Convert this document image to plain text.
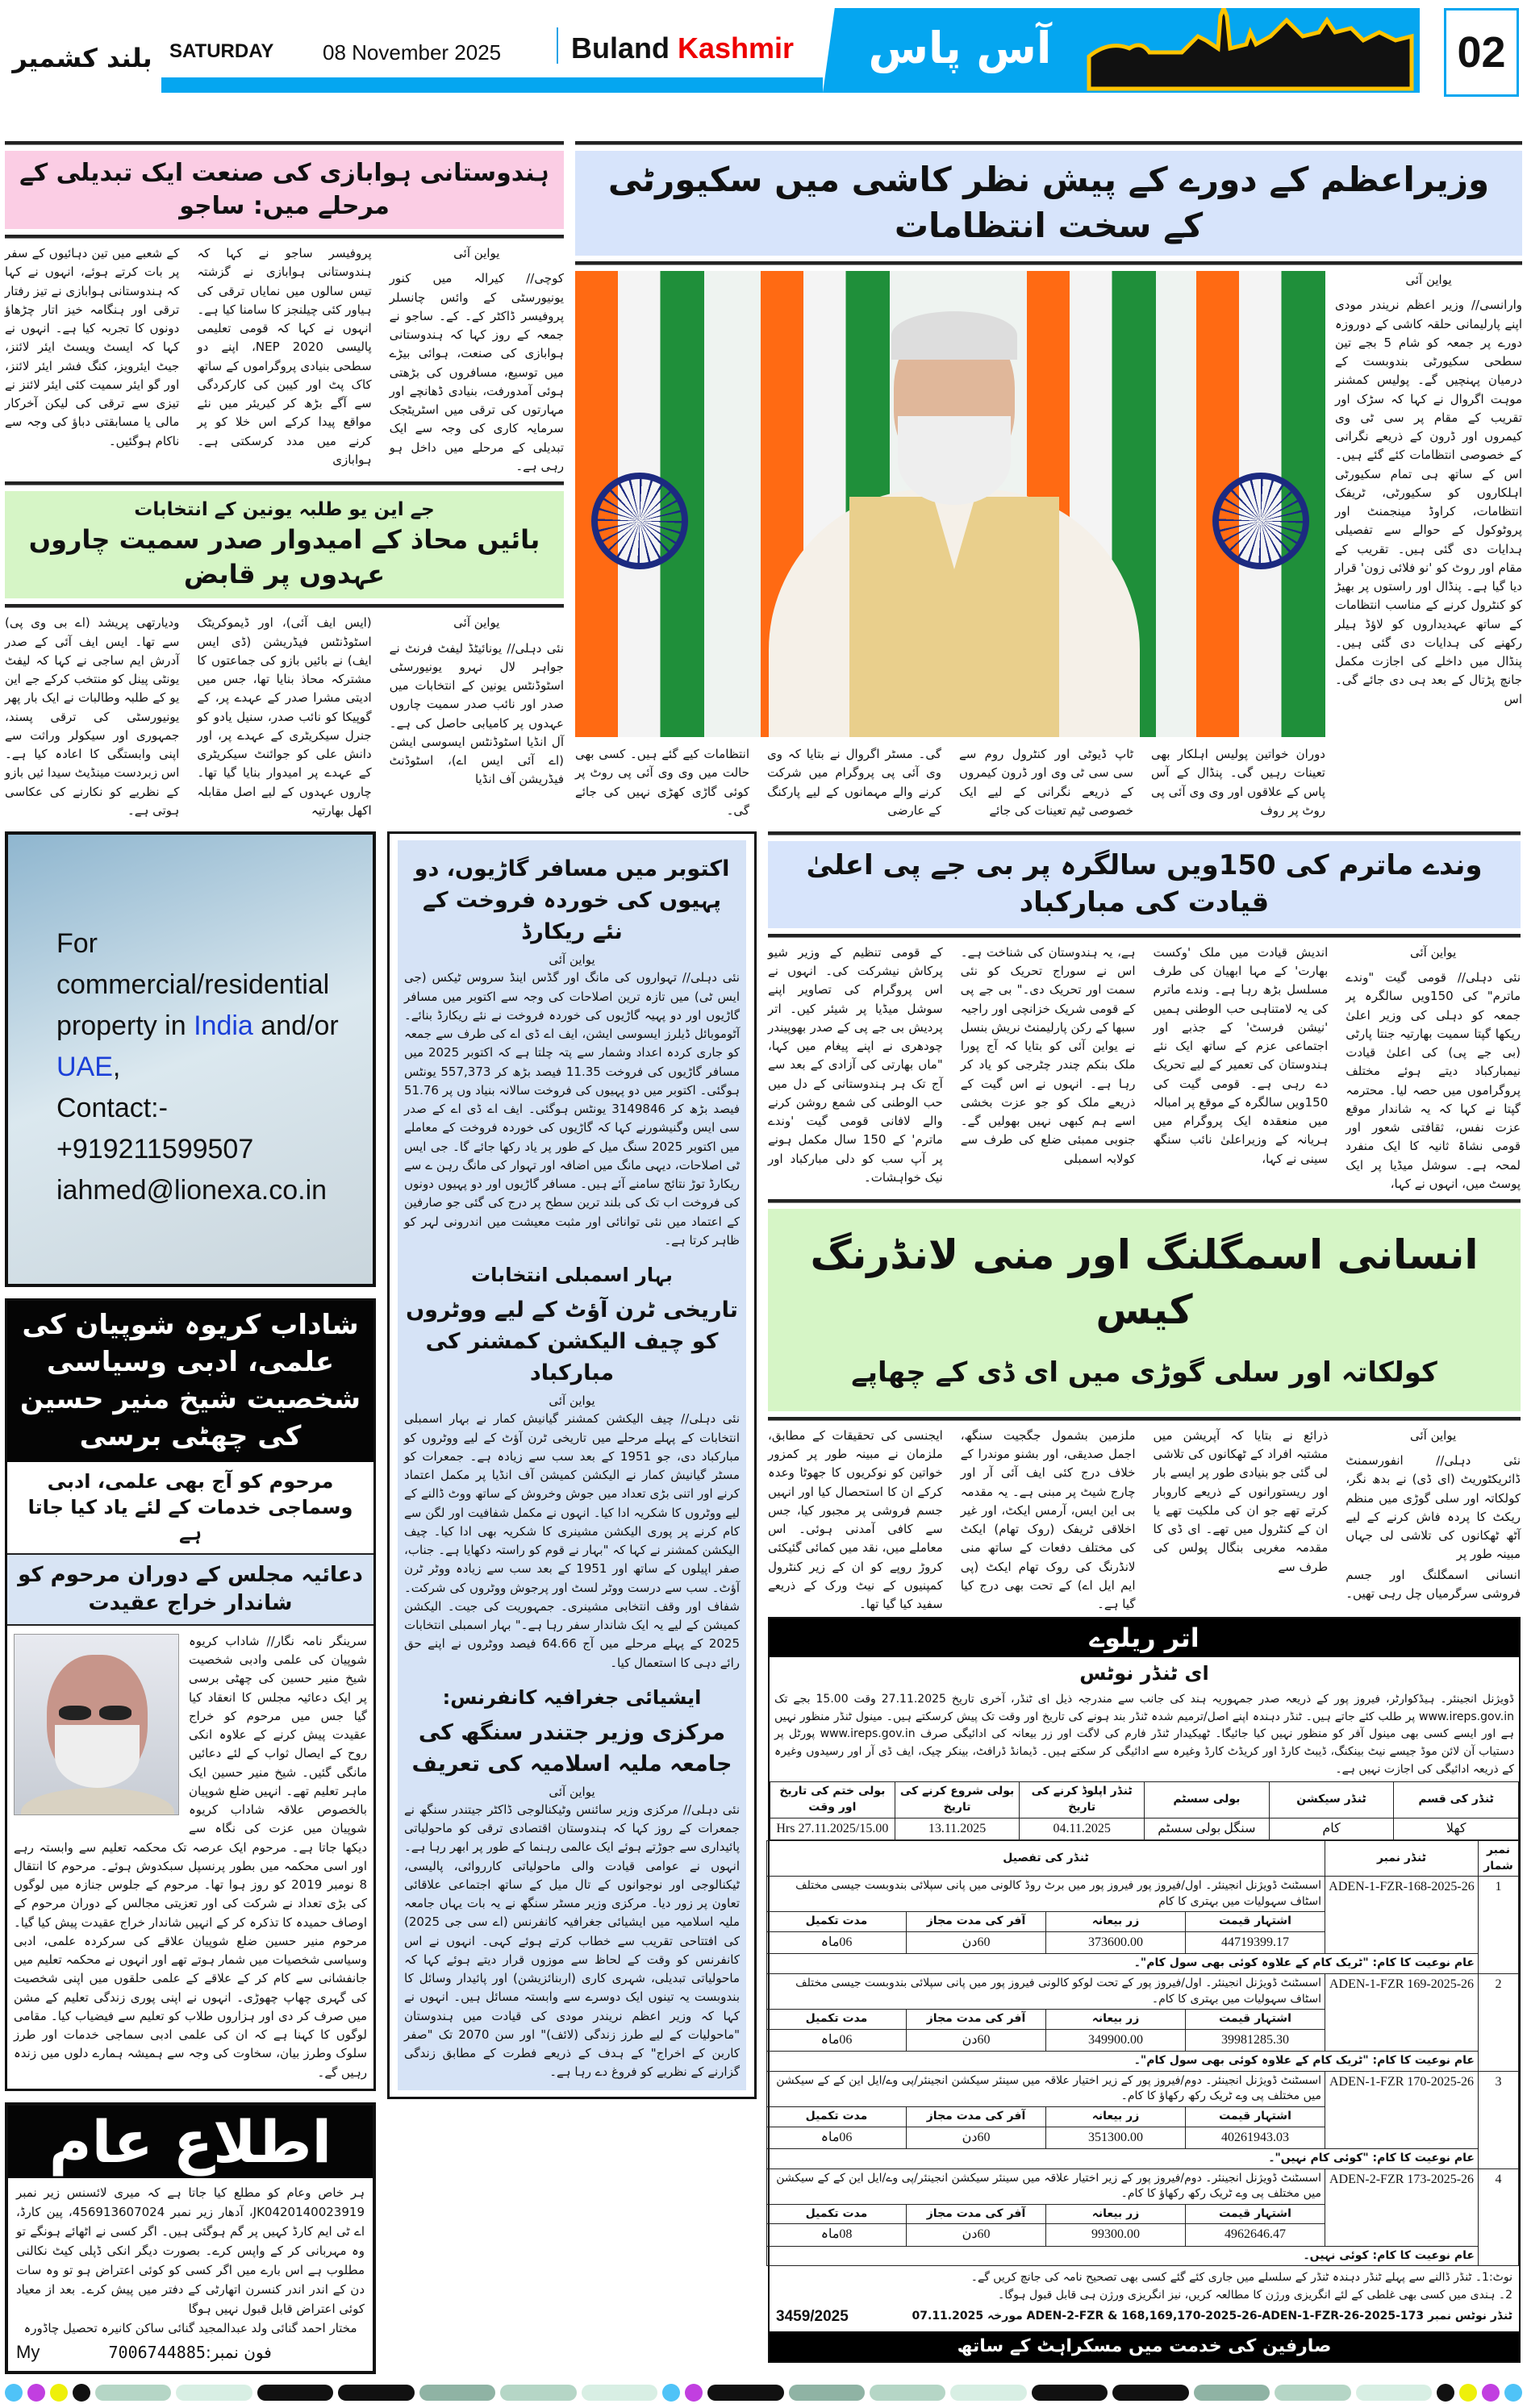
بلند کشمیر SATURDAY 08 November 2025 Buland Kashmir	آس پاس	02
ہندوستانی ہوابازی کی صنعت ایک تبدیلی کے مرحلے میں: ساجو
یواین آئی

کوچی// کیرالہ میں کنور یونیورسٹی کے وائس چانسلر پروفیسر ڈاکٹر کے۔ کے۔ ساجو نے جمعہ کے روز کہا کہ ہندوستانی ہوابازی کی صنعت، ہوائی بیڑے میں توسیع، مسافروں کی بڑھتی ہوئی آمدورفت، بنیادی ڈھانچے اور مہارتوں کی ترقی میں اسٹریٹجک سرمایہ کاری کی وجہ سے ایک تبدیلی کے مرحلے میں داخل ہو رہی ہے۔

پروفیسر ساجو نے کہا کہ ہندوستانی ہوابازی نے گزشتہ تیس سالوں میں نمایاں ترقی کی ہیاور کئی چیلنجز کا سامنا کیا ہے۔ انہوں نے کہا کہ قومی تعلیمی پالیسی 2020 NEP، اپنے دو سطحی بنیادی پروگراموں کے ساتھ کاک پٹ اور کیبن کی کارکردگی سے آگے بڑھ کر کیریئر میں نئے مواقع پیدا کرکے اس خلا کو پر کرنے میں مدد کرسکتی ہے۔ ہوابازی

کے شعبے میں تین دہائیوں کے سفر پر بات کرتے ہوئے، انہوں نے کہا کہ ہندوستانی ہوابازی نے تیز رفتار ترقی اور ہنگامہ خیز اتار چڑھاؤ دونوں کا تجربہ کیا ہے۔ انہوں نے کہا کہ ایسٹ ویسٹ ایئر لائنز، جیٹ ایئرویز، کنگ فشر ایئر لائنز، اور گو ایئر سمیت کئی ایئر لائنز نے تیزی سے ترقی کی لیکن آخرکار مالی یا مسابقتی دباؤ کی وجہ سے ناکام ہوگئیں۔

جے این یو طلبہ یونین کے انتخابات
بائیں محاذ کے امیدوار صدر سمیت چاروں عہدوں پر قابض
یواین آئی

نئی دہلی// یونائیٹڈ لیفٹ فرنٹ نے جواہر لال نہرو یونیورسٹی اسٹوڈنٹس یونین کے انتخابات میں صدر اور نائب صدر سمیت چاروں عہدوں پر کامیابی حاصل کی ہے۔ آل انڈیا اسٹوڈنٹس ایسوسی ایشن (اے آئی ایس اے)، اسٹوڈنٹ فیڈریشن آف انڈیا

(ایس ایف آئی)، اور ڈیموکریٹک اسٹوڈنٹس فیڈریشن (ڈی ایس ایف) نے بائیں بازو کی جماعتوں کا مشترکہ محاذ بنایا تھا، جس میں ادیتی مشرا صدر کے عہدے پر، کے گوپیکا کو نائب صدر، سنیل یادو کو جنرل سیکریٹری کے عہدے پر، اور دانش علی کو جوائنٹ سیکریٹری کے عہدے پر امیدوار بنایا گیا تھا۔ چاروں عہدوں کے لیے اصل مقابلہ اکھل بھارتیہ

ودیارتھی پریشد (اے بی وی پی) سے تھا۔ ایس ایف آئی کے صدر آدرش ایم ساجی نے کہا کہ لیفٹ یونٹی پینل کو منتخب کرکے جے این یو کے طلبہ وطالبات نے ایک بار پھر یونیورسٹی کی ترقی پسند، جمہوری اور سیکولر وراثت سے اپنی وابستگی کا اعادہ کیا ہے۔ اس زبردست مینڈیٹ سیدا ئیں بازو کے نظریے کو نکارنے کی عکاسی ہوتی ہے۔

وزیراعظم کے دورے کے پیش نظر کاشی میں سکیورٹی کے سخت انتظامات

دوران خواتین پولیس اہلکار بھی تعینات رہیں گی۔ پنڈال کے آس پاس کے علاقوں اور وی وی آئی پی روٹ پر روف

ٹاپ ڈیوٹی اور کنٹرول روم سے سی سی ٹی وی اور ڈرون کیمروں کے ذریعے نگرانی کے لیے ایک خصوصی ٹیم تعینات کی جائے

گی۔ مسٹر اگروال نے بتایا کہ وی وی آئی پی پروگرام میں شرکت کرنے والے مہمانوں کے لیے پارکنگ کے عارضی

انتظامات کیے گئے ہیں۔ کسی بھی حالت میں وی وی آئی پی روٹ پر کوئی گاڑی کھڑی نہیں کی جائے گی۔

یواین آئی

وارانسی// وزیر اعظم نریندر مودی اپنے پارلیمانی حلقہ کاشی کے دوروزہ دورے پر جمعہ کو شام 5 بجے تین سطحی سکیورٹی بندوبست کے درمیان پہنچیں گے۔ پولیس کمشنر موہت اگروال نے کہا کہ سڑک اور تقریب کے مقام پر سی ٹی وی کیمروں اور ڈرون کے ذریعے نگرانی کے خصوصی انتظامات کئے گئے ہیں۔ اس کے ساتھ ہی تمام سکیورٹی اہلکاروں کو سکیورٹی، ٹریفک انتظامات، کراوڈ مینجمنٹ اور پروٹوکول کے حوالے سے تفصیلی ہدایات دی گئی ہیں۔ تقریب کے مقام اور روٹ کو 'نو فلائی زون' قرار دیا گیا ہے۔ پنڈال اور راستوں پر بھیڑ کو کنٹرول کرنے کے مناسب انتظامات کے ساتھ عہدیداروں کو لاؤڈ ہیلر رکھنے کی ہدایات دی گئی ہیں۔ پنڈال میں داخلے کی اجازت مکمل جانچ پڑتال کے بعد ہی دی جائے گی۔ اس

For
commercial/residential
property in India and/or
UAE,
Contact:-
+919211599507
iahmed@lionexa.co.in
شاداب کریوہ شوپیان کی علمی، ادبی وسیاسی شخصیت شیخ منیر حسین کی چھٹی برسی
مرحوم کو آج بھی علمی، ادبی وسماجی خدمات کے لئے یاد کیا جاتا ہے
دعائیہ مجلس کے دوران مرحوم کو شاندار خراج عقیدت
سرینگر نامہ نگار// شاداب کریوہ شوپیان کی علمی وادبی شخصیت شیخ منیر حسین کی چھٹی برسی پر ایک دعائیہ مجلس کا انعقاد کیا گیا جس میں مرحوم کو خراج عقیدت پیش کرنے کے علاوہ انکی روح کے ایصال ثواب کے لئے دعائیں مانگی گئیں۔ شیخ منیر حسین ایک ماہر تعلیم تھے۔ انہیں ضلع شوپیان بالخصوص علاقہ شاداب کریوہ شوپیان میں عزت کی نگاہ سے دیکھا جاتا ہے۔ مرحوم ایک عرصہ تک محکمہ تعلیم سے وابستہ رہے اور اسی محکمہ میں بطور پرنسپل سبکدوش ہوئے۔ مرحوم کا انتقال 8 نومبر 2019 کو روز ہوا تھا۔ مرحوم کے جلوس جنازہ میں لوگوں کی بڑی تعداد نے شرکت کی اور تعزیتی مجالس کے دوران مرحوم کے اوصاف حمیدہ کا تذکرہ کر کے انہیں شاندار خراج عقیدت پیش کیا گیا۔ مرحوم منیر حسین ضلع شوپیان علاقے کی سرکردہ علمی، ادبی وسیاسی شخصیات میں شمار ہوتے تھے اور انہوں نے محکمہ تعلیم میں جانفشانی سے کام کر کے علاقے کے علمی حلقوں میں اپنی شخصیت کی گہری چھاپ چھوڑی۔ انہوں نے اپنی پوری زندگی تعلیم کے مشن میں صرف کر دی اور ہزاروں طلاب کو تعلیم سے فیضیاب کیا۔ مقامی لوگوں کا کہنا ہے کہ ان کی علمی ادبی سماجی خدمات اور طرز سلوک وطرز بیان، سخاوت کی وجہ سے ہمیشہ ہمارے دلوں میں زندہ رہیں گے۔
اطلاع عام
ہر خاص وعام کو مطلع کیا جاتا ہے کہ میری لائسنس زیر نمبر JK0420140023919، آدھار زیر نمبر 456913607024، پین کارڈ، اے ٹی ایم کارڈ کہیں پر گم ہوگئی ہیں۔ اگر کسی نے اٹھائے ہونگے تو وہ مہربانی کر کے واپس کرے۔ بصورت دیگر انکی ڈپلی کیٹ نکالنی مطلوب ہے اس بارے میں اگر کسی کو کوئی اعتراض ہو تو وہ سات دن کے اندر اندر کنسرن اتھارٹی کے دفتر میں پیش کرے۔ بعد از معیاد کوئی اعتراض قابل قبول نہیں ہوگا
مختار احمد گنائی ولد عبدالمجید گنائی ساکن کانیرہ تحصیل چاڈورہ
My	فون نمبر:7006744885
اکتوبر میں مسافر گاڑیوں، دو پہیوں کی خوردہ فروخت کے نئے ریکارڈ
یواین آئی

نئی دہلی// تہواروں کی مانگ اور گڈس اینڈ سروس ٹیکس (جی ایس ٹی) میں تازہ ترین اصلاحات کی وجہ سے اکتوبر میں مسافر گاڑیوں اور دو پہیہ گاڑیوں کی خوردہ فروخت نے نئے ریکارڈ بنائے۔ آٹوموبائل ڈیلرز ایسوسی ایشن، ایف اے ڈی اے کی طرف سے جمعہ کو جاری کردہ اعداد وشمار سے پتہ چلتا ہے کہ اکتوبر 2025 میں مسافر گاڑیوں کی فروخت 11.35 فیصد بڑھ کر 557,373 یونٹس ہوگئی۔ اکتوبر میں دو پہیوں کی فروخت سالانہ بنیاد وں پر 51.76 فیصد بڑھ کر 3149846 یونٹس ہوگئی۔ ایف اے ڈی اے کے صدر سی ایس وگنیشورنے کہا کہ گاڑیوں کی خوردہ فروخت کے معاملے میں اکتوبر 2025 سنگ میل کے طور پر یاد رکھا جائے گا۔ جی ایس ٹی اصلاحات، دیہی مانگ میں اضافہ اور تہوار کی مانگ رہن ے سے ریکارڈ توڑ نتائج سامنے آئے ہیں۔ مسافر گاڑیوں اور دو پہیوں دونوں کی فروخت اب تک کی بلند ترین سطح پر درج کی گئی جو صارفین کے اعتماد میں نئی توانائی اور مثبت معیشت میں اندرونی لہر کو ظاہر کرتا ہے۔

بہار اسمبلی انتخابات
تاریخی ٹرن آؤٹ کے لیے ووٹروں کو چیف الیکشن کمشنر کی مبارکباد
یواین آئی

نئی دہلی// چیف الیکشن کمشنر گیانیش کمار نے بہار اسمبلی انتخابات کے پہلے مرحلے میں تاریخی ٹرن آؤٹ کے لیے ووٹروں کو مبارکباد دی، جو 1951 کے بعد سب سے زیادہ ہے۔ جمعرات کو مسٹر گیانیش کمار نے الیکشن کمیشن آف انڈیا پر مکمل اعتماد کرنے اور اتنی بڑی تعداد میں جوش وخروش کے ساتھ ووٹ ڈالنے کے لیے ووٹروں کا شکریہ ادا کیا۔ انہوں نے مکمل شفافیت اور لگن سے کام کرنے پر پوری الیکشن مشینری کا شکریہ بھی ادا کیا۔ چیف الیکشن کمشنر نے کہا کہ "بہار نے قوم کو راستہ دکھایا ہے۔ جناب، صفر اپیلوں کے ساتھ اور 1951 کے بعد سب سے زیادہ ووٹر ٹرن آؤٹ۔ سب سے درست ووٹر لسٹ اور پرجوش ووٹروں کی شرکت۔ شفاف اور وقف انتخابی مشینری۔ جمہوریت کی جیت۔ الیکشن کمیشن کے لیے یہ ایک شاندار سفر رہا ہے۔" بہار اسمبلی انتخابات 2025 کے پہلے مرحلے میں آج 64.66 فیصد ووٹروں نے اپنے حق رائے دہی کا استعمال کیا۔

ایشیائی جغرافیہ کانفرنس:
مرکزی وزیر جتندر سنگھ کی جامعہ ملیہ اسلامیہ کی تعریف
یواین آئی

نئی دہلی// مرکزی وزیر سائنس وٹیکنالوجی ڈاکٹر جیتندر سنگھ نے جمعرات کے روز کہا کہ ہندوستان اقتصادی ترقی کو ماحولیاتی پائیداری سے جوڑتے ہوئے ایک عالمی رہنما کے طور پر ابھر رہا ہے۔ انہوں نے عوامی قیادت والی ماحولیاتی کارروائی، پالیسی، ٹیکنالوجی اور نوجوانوں کے تال میل کے ساتھ اجتماعی علاقائی تعاون پر زور دیا۔ مرکزی وزیر مسٹر سنگھ نے یہ بات یہاں جامعہ ملیہ اسلامیہ میں ایشیائی جغرافیہ کانفرنس (اے سی جی 2025) کی افتتاحی تقریب سے خطاب کرتے ہوئے کہی۔ انہوں نے اس کانفرنس کو وقت کے لحاظ سے موزوں قرار دیتے ہوئے کہا کہ ماحولیاتی تبدیلی، شہری کاری (اربنائزیشن) اور پائیدار وسائل کا بندوبست یہ تینوں ایک دوسرے سے وابستہ مسائل ہیں۔ انہوں نے کہا کہ وزیر اعظم نریندر مودی کی قیادت میں ہندوستان "ماحولیات کے لیے طرز زندگی (لائف)" اور سن 2070 تک "صفر کاربن کے اخراج" کے ہدف کے ذریعے فطرت کے مطابق زندگی گزارنے کے نظریے کو فروغ دے رہا ہے۔

وندے ماترم کی 150ویں سالگرہ پر بی جے پی اعلیٰ قیادت کی مبارکباد
یواین آئی

نئی دہلی// قومی گیت "وندے ماترم" کی 150ویں سالگرہ پر جمعہ کو دہلی کی وزیر اعلیٰ ریکھا گپتا سمیت بھارتیہ جنتا پارٹی (بی جے پی) کی اعلیٰ قیادت نیمبارکباد دیتے ہوئے مختلف پروگراموں میں حصہ لیا۔ محترمہ گپتا نے کہا کہ یہ شاندار موقع عزت نفس، ثقافتی شعور اور قومی نشاۃ ثانیہ کا ایک منفرد لمحہ ہے۔ سوشل میڈیا پر ایک پوسٹ میں، انہوں نے کہا،

اندیش قیادت میں ملک 'وکست بھارت' کے مہا ابھیان کی طرف مسلسل بڑھ رہا ہے۔ وندے ماترم کی یہ لامتناہی حب الوطنی ہمیں 'نیشن فرسٹ' کے جذبے اور اجتماعی عزم کے ساتھ ایک نئے ہندوستان کی تعمیر کے لیے تحریک دے رہی ہے۔ قومی گیت کی 150ویں سالگرہ کے موقع پر امبالہ میں منعقدہ ایک پروگرام میں ہریانہ کے وزیراعلیٰ نائب سنگھ سینی نے کہا،

ہے، یہ ہندوستان کی شناخت ہے۔ اس نے سوراج تحریک کو نئی سمت اور تحریک دی۔" بی جے پی کے قومی شریک خزانچی اور راجیہ سبھا کے رکن پارلیمنٹ نریش بنسل نے یواین آئی کو بتایا کہ آج پورا ملک بنکم چندر چٹرجی کو یاد کر رہا ہے۔ انہوں نے اس گیت کے ذریعے ملک کو جو عزت بخشی اسے ہم کبھی نہیں بھولیں گے۔ جنوبی ممبئی ضلع کی طرف سے کولابہ اسمبلی

کے قومی تنظیم کے وزیر شیو پرکاش نیشرکت کی۔ انہوں نے اس پروگرام کی تصاویر اپنے سوشل میڈیا پر شیئر کیں۔ اتر پردیش بی جے پی کے صدر بھوپیندر چودھری نے اپنے پیغام میں کہا، "ماں بھارتی کی آزادی کے بعد سے آج تک ہر ہندوستانی کے دل میں حب الوطنی کی شمع روشن کرنے والے لافانی قومی گیت 'وندے ماترم' کے 150 سال مکمل ہونے پر آپ سب کو دلی مبارکباد اور نیک خواہشات۔

انسانی اسمگلنگ اور منی لانڈرنگ کیس
کولکاتہ اور سلی گوڑی میں ای ڈی کے چھاپے
یواین آئی

نئی دہلی// انفورسمنٹ ڈائریکٹوریٹ (ای ڈی) نے بدھ نگر، کولکاتہ اور سلی گوڑی میں منظم ریکٹ کا پردہ فاش کرنے کے لیے آٹھ ٹھکانوں کی تلاشی لی جہاں مبینہ طور پر

انسانی اسمگلنگ اور جسم فروشی سرگرمیاں چل رہی تھیں۔ ذرائع نے بتایا کہ آپریشن میں مشتبہ افراد کے ٹھکانوں کی تلاشی لی گئی جو بنیادی طور پر ایسے بار اور ریستورانوں کے ذریعے کاروبار کرتے تھے جو ان کی ملکیت تھے یا ان کے کنٹرول میں تھے۔ ای ڈی کا مقدمہ مغربی بنگال پولس کی طرف سے

ملزمین بشمول جگجیت سنگھ، اجمل صدیقی، اور بشنو موندرا کے خلاف درج کئی ایف آئی آر اور چارج شیٹ پر مبنی ہے۔ یہ مقدمہ بی این ایس، آرمس ایکٹ، اور غیر اخلاقی ٹریفک (روک تھام) ایکٹ کی مختلف دفعات کے ساتھ منی لانڈرنگ کی روک تھام ایکٹ (پی ایم ایل اے) کے تحت بھی درج کیا گیا ہے۔

ایجنسی کی تحقیقات کے مطابق، ملزمان نے مبینہ طور پر کمزور خواتین کو نوکریوں کا جھوٹا وعدہ کرکے ان کا استحصال کیا اور انہیں جسم فروشی پر مجبور کیا، جس سے کافی آمدنی ہوئی۔ اس معاملے میں، نقد میں کمائی گئیکئی کروڑ روپے کو ان کے زیر کنٹرول کمپنیوں کے نیٹ ورک کے ذریعے سفید کیا گیا تھا۔

اتر ریلوے
ای ٹنڈر نوٹس
ڈویژنل انجینئر۔ ہیڈکوارٹر، فیروز پور کے ذریعہ صدر جمہوریہ ہند کی جانب سے مندرجہ ذیل ای ٹنڈر، آخری تاریخ 27.11.2025 وقت 15.00 بجے تک www.ireps.gov.in پر طلب کئے جاتے ہیں۔ ٹنڈر دہندہ اپنے اصل/ترمیم شدہ ٹنڈر بند ہونے کی تاریخ اور وقت تک پیش کرسکتے ہیں۔ مینول ٹنڈر منظور نہیں ہے اور ایسے کسی بھی مینول آفر کو منظور نہیں کیا جائیگا۔ ٹھیکیدار ٹنڈر فارم کی لاگت اور زر بیعانہ کی ادائیگی صرف www.ireps.gov.in پورٹل پر دستیاب آن لائن موڈ جیسے نیٹ بینکنگ، ڈیبٹ کارڈ اور کریڈٹ کارڈ وغیرہ سے ادائیگی کر سکتے ہیں۔ ڈیمانڈ ڈرافٹ، بینکر چیک، ایف ڈی آر اور رسیدوں وغیرہ کے ذریعہ ادائیگی کی اجازت نہیں ہے۔
ٹنڈر کی قسم	ٹنڈر سیکشن	بولی سسٹم	ٹنڈر اپلوڈ کرنے کی تاریخ	بولی شروع کرنے کی تاریخ	بولی ختم کی تاریخ اور وقت
کھلا	کام	سنگل بولی سسٹم	04.11.2025	13.11.2025	27.11.2025/15.00 Hrs
نمبر شمار	ٹنڈر نمبر	ٹنڈر کی تفصیل			
1	168-2025-26-ADEN-1-FZR	اسسٹنٹ ڈویژنل انجینئر۔ اول/فیروز پور فیروز پور میں برٹ روڈ کالونی میں پانی سپلائی بندوبست جیسی مختلف اسٹاف سہولیات میں بہتری کا کام			
		اشتہار قیمت	زر بیعانہ	آفر کی مدت مجاز	مدت تکمیل
		44719399.17	373600.00	60دن	06ماہ
	عام نوعیت کا کام: "ٹریک کام کے علاوہ کوئی بھی سول کام"۔				
2	169-2025-26 ADEN-1-FZR	اسسٹنٹ ڈویژنل انجینئر۔ اول/فیروز پور کے تحت لوکو کالونی فیروز پور میں پانی سپلائی بندوبست جیسی مختلف اسٹاف سہولیات میں بہتری کا کام۔			
		اشتہار قیمت	زر بیعانہ	آفر کی مدت مجاز	مدت تکمیل
		39981285.30	349900.00	60دن	06ماہ
	عام نوعیت کا کام: "ٹریک کام کے علاوہ کوئی بھی سول کام"۔				
3	170-2025-26 ADEN-1-FZR	اسسٹنٹ ڈویژنل انجینئر۔ دوم/فیروز پور کے زیر اختیار علاقہ میں سینئر سیکشن انجینئر/پی وے/ایل این کے کے سیکشن میں مختلف پی وے ٹریک رکھ رکھاؤ کا کام۔			
		اشتہار قیمت	زر بیعانہ	آفر کی مدت مجاز	مدت تکمیل
		40261943.03	351300.00	60دن	06ماہ
	عام نوعیت کا کام: "کوئی کام نہیں"۔				
4	173-2025-26 ADEN-2-FZR	اسسٹنٹ ڈویژنل انجینئر۔ دوم/فیروز پور کے زیر اختیار علاقہ میں سینئر سیکشن انجینئر/پی وے/ایل این کے کے سیکشن میں مختلف پی وے ٹریک رکھ رکھاؤ کا کام۔			
		اشتہار قیمت	زر بیعانہ	آفر کی مدت مجاز	مدت تکمیل
		4962646.47	99300.00	60دن	08ماہ
	عام نوعیت کا کام: کوئی نہیں۔				
نوٹ:1۔ ٹنڈر ڈالنے سے پہلے ٹنڈر دہندہ ٹنڈر کے سلسلے میں جاری کئے گئے کسی بھی تصحیح نامہ کی جانچ کریں گے۔
2۔ ہندی میں کسی بھی غلطی کے لئے انگریزی ورژن کا مطالعہ کریں، نیز انگریزی ورژن ہی قابل قبول ہوگا۔
ٹنڈر نوٹس نمبر 173-2025-26-ADEN-2-FZR & 168,169,170-2025-26-ADEN-1-FZR مورخہ 07.11.2025
3459/2025
صارفین کی خدمت میں مسکراہٹ کے ساتھ
